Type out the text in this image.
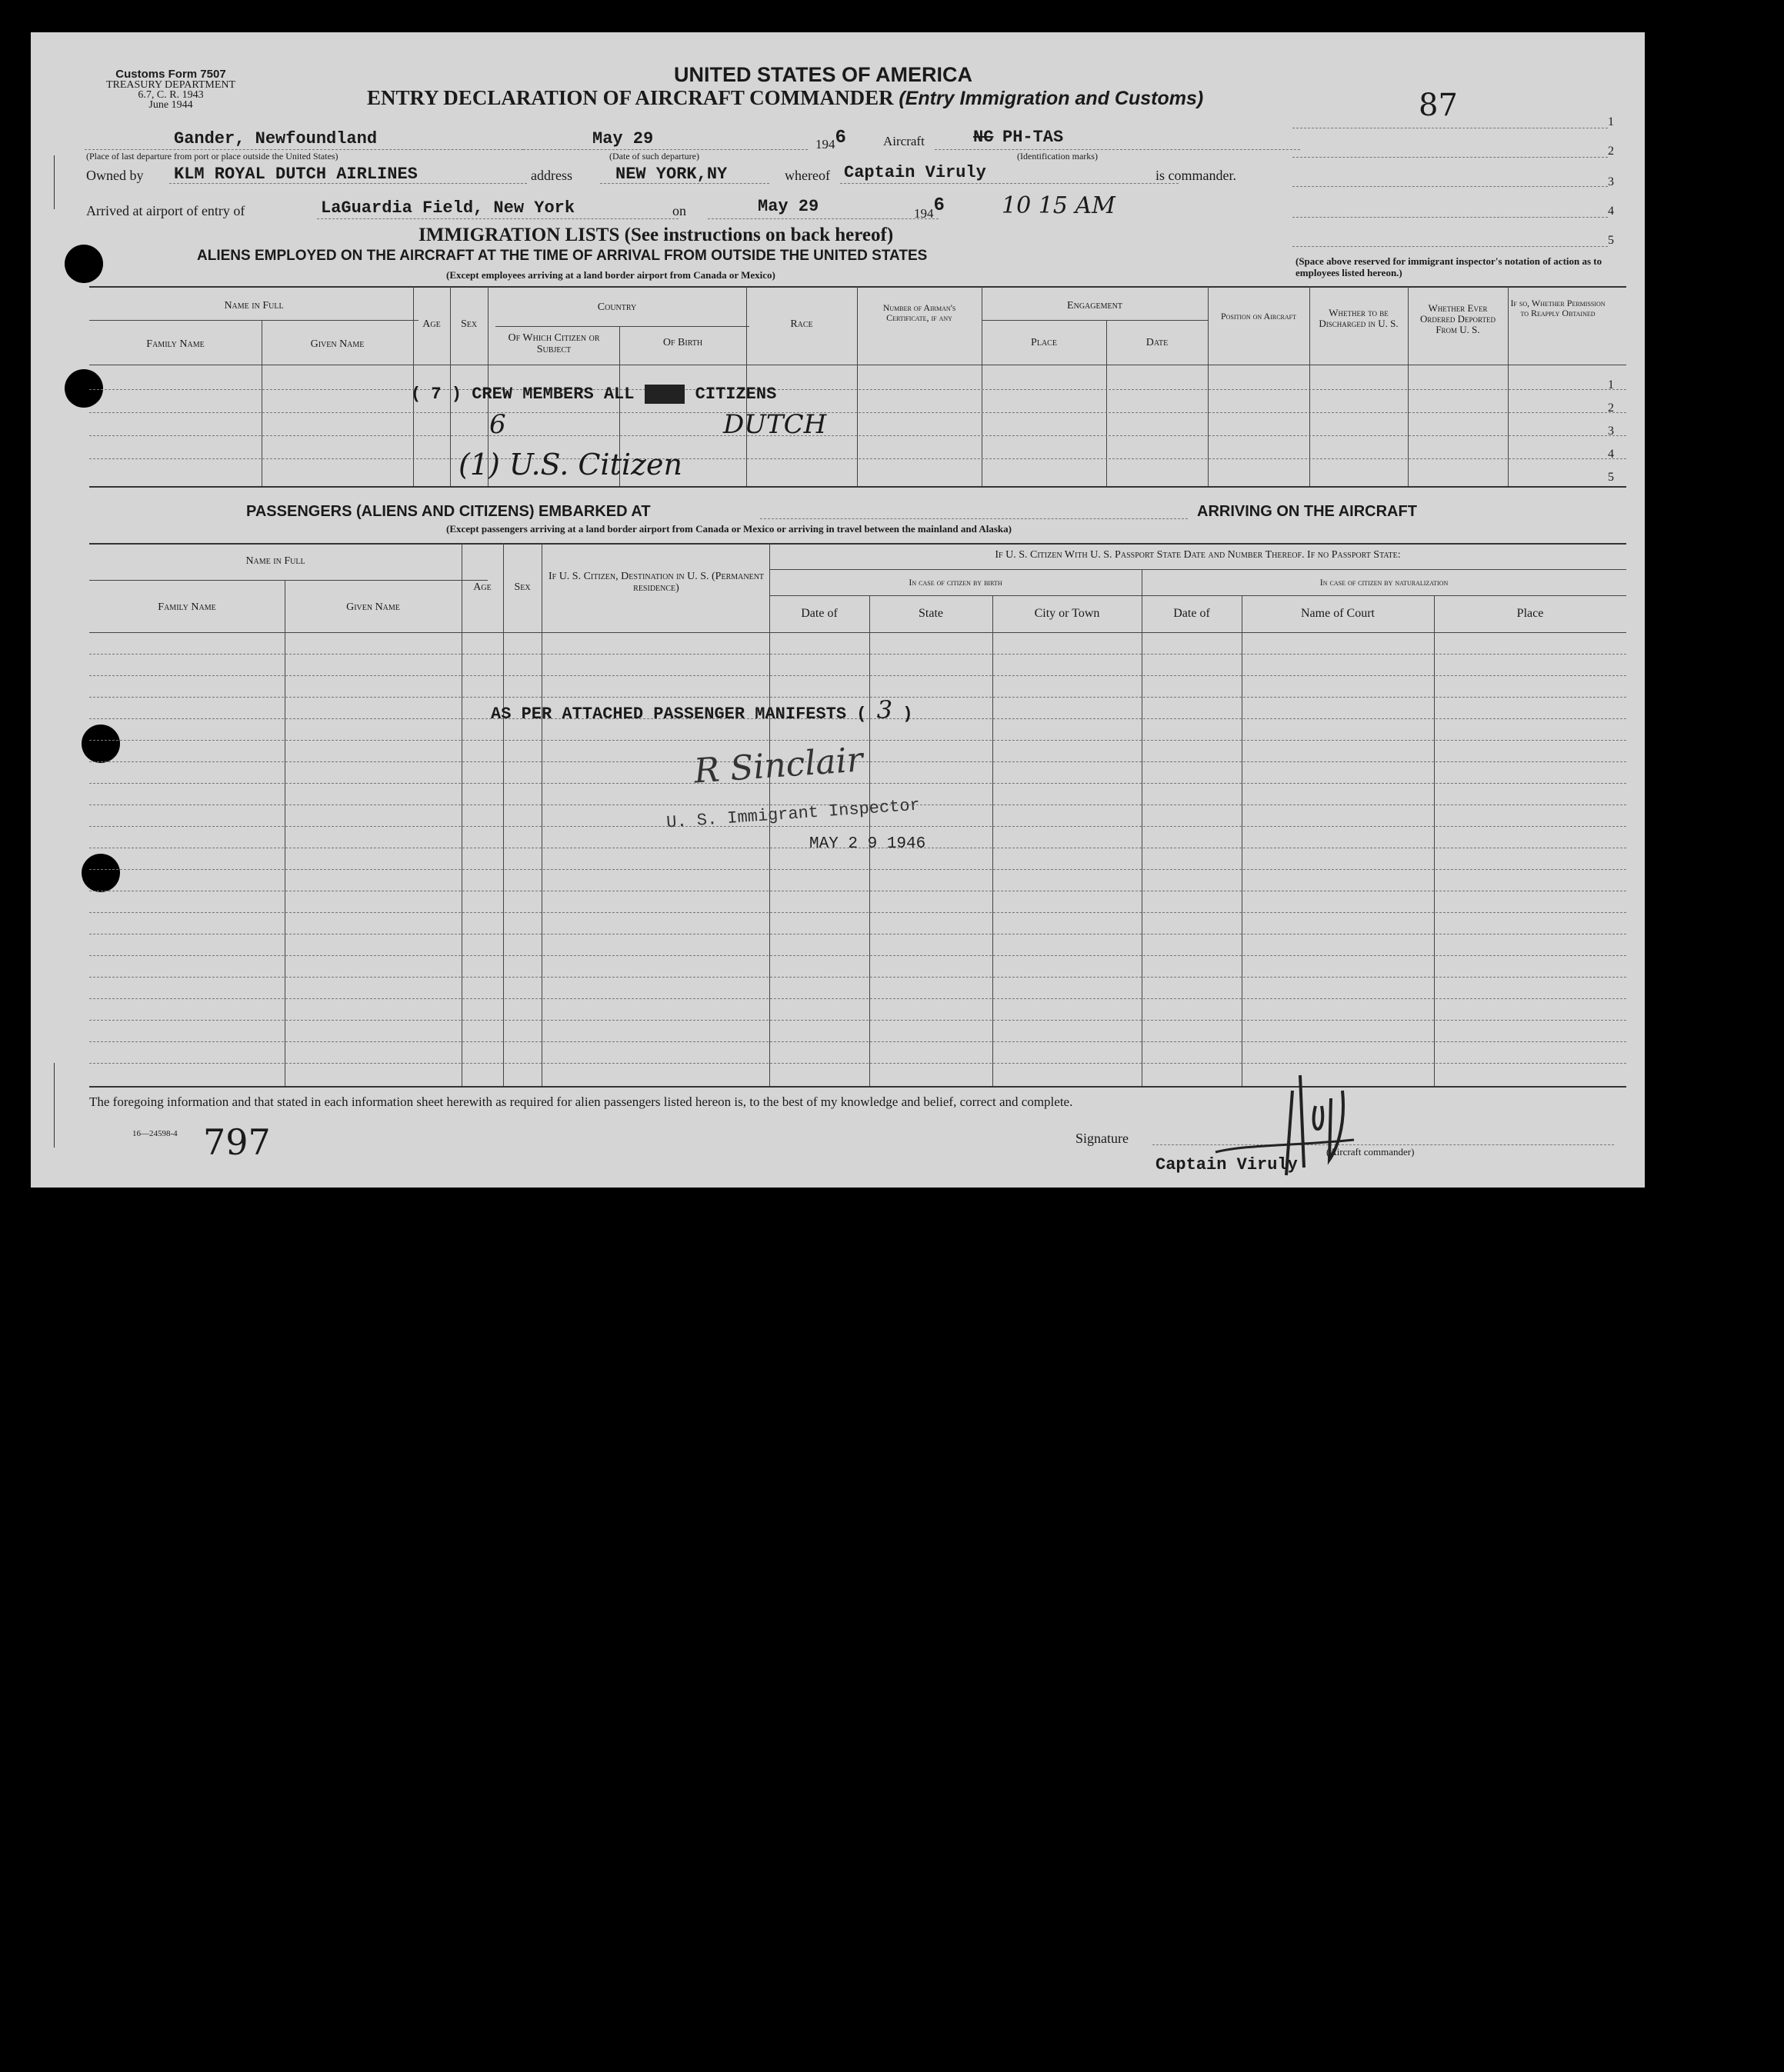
Customs Form 7507
TREASURY DEPARTMENT
6.7, C. R. 1943
June 1944
UNITED STATES OF AMERICA
ENTRY DECLARATION OF AIRCRAFT COMMANDER (Entry Immigration and Customs)	87
Gander, Newfoundland
(Place of last departure from port or place outside the United States)
May 29
(Date of such departure)
1946	Aircraft	NC PH-TAS
(Identification marks)
Owned by KLM ROYAL DUTCH AIRLINES	address	NEW YORK,NY	whereof Captain Viruly	is commander.
Arrived at airport of entry of	LaGuardia Field, New York	on	May 29	1946 10 15 AM
1
2
3
4
5
IMMIGRATION LISTS (See instructions on back hereof)
ALIENS EMPLOYED ON THE AIRCRAFT AT THE TIME OF ARRIVAL FROM OUTSIDE THE UNITED STATES
(Except employees arriving at a land border airport from Canada or Mexico)
(Space above reserved for immigrant inspector's notation of action as to employees listed hereon.)
Name in Full
Family Name	Given Name
Age	Sex
Country
Of Which Citizen or Subject
Of Birth
Race
Number of Airman's Certificate, if any
Engagement
Place	Date
Position on Aircraft	Whether to be Discharged in U. S.
Whether Ever Ordered Deported From U. S.
If so, Whether Permission to Reapply Obtained
1
2
3
4
5
( 7 ) CREW MEMBERS ALL U.S. CITIZENS
6	DUTCH
(1) U.S. Citizen
PASSENGERS (ALIENS AND CITIZENS) EMBARKED AT	ARRIVING ON THE AIRCRAFT
(Except passengers arriving at a land border airport from Canada or Mexico or arriving in travel between the mainland and Alaska)
Name in Full
Family Name	Given Name
Age	Sex
If U. S. Citizen, Destination in U. S. (Permanent residence)
If U. S. Citizen With U. S. Passport State Date and Number Thereof. If no Passport State:
In case of citizen by birth	In case of citizen by naturalization
Date of	State	City or Town	Date of	Name of Court	Place
AS PER ATTACHED PASSENGER MANIFESTS ( 3 )
R Sinclair
U. S. Immigrant Inspector
MAY 2 9 1946
The foregoing information and that stated in each information sheet herewith as required for alien passengers listed hereon is, to the best of my knowledge and belief, correct and complete.
16—24598-4 797	Signature
(Aircraft commander)
Captain Viruly
